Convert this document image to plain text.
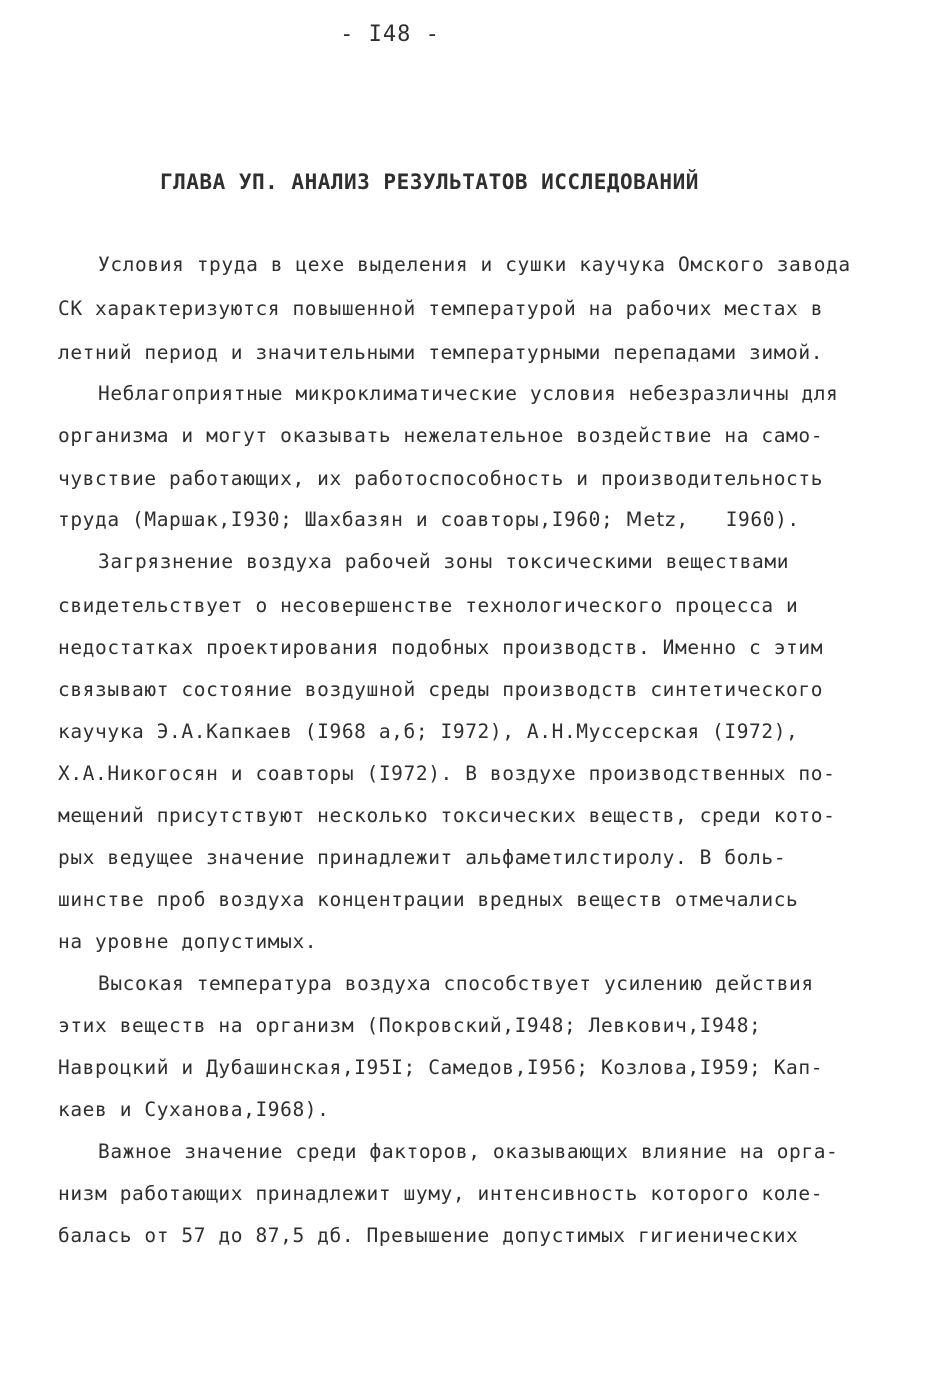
- I48 -
ГЛАВА УП. АНАЛИЗ РЕЗУЛЬТАТОВ ИССЛЕДОВАНИЙ
Условия труда в цехе выделения и сушки каучука Омского завода
СК характеризуются повышенной температурой на рабочих местах в
летний период и значительными температурными перепадами зимой.
Неблагоприятные микроклиматические условия небезразличны для
организма и могут оказывать нежелательное воздействие на само-
чувствие работающих, их работоспособность и производительность
труда (Маршак,I930; Шахбазян и соавторы,I960; Metz,   I960).
Загрязнение воздуха рабочей зоны токсическими веществами
свидетельствует о несовершенстве технологического процесса и
недостатках проектирования подобных производств. Именно с этим
связывают состояние воздушной среды производств синтетического
каучука Э.А.Капкаев (I968 а,б; I972), А.Н.Муссерская (I972),
Х.А.Никогосян и соавторы (I972). В воздухе производственных по-
мещений присутствуют несколько токсических веществ, среди кото-
рых ведущее значение принадлежит альфаметилстиролу. В боль-
шинстве проб воздуха концентрации вредных веществ отмечались
на уровне допустимых.
Высокая температура воздуха способствует усилению действия
этих веществ на организм (Покровский,I948; Левкович,I948;
Навроцкий и Дубашинская,I95I; Самедов,I956; Козлова,I959; Кап-
каев и Суханова,I968).
Важное значение среди факторов, оказывающих влияние на орга-
низм работающих принадлежит шуму, интенсивность которого коле-
балась от 57 до 87,5 дб. Превышение допустимых гигиенических
